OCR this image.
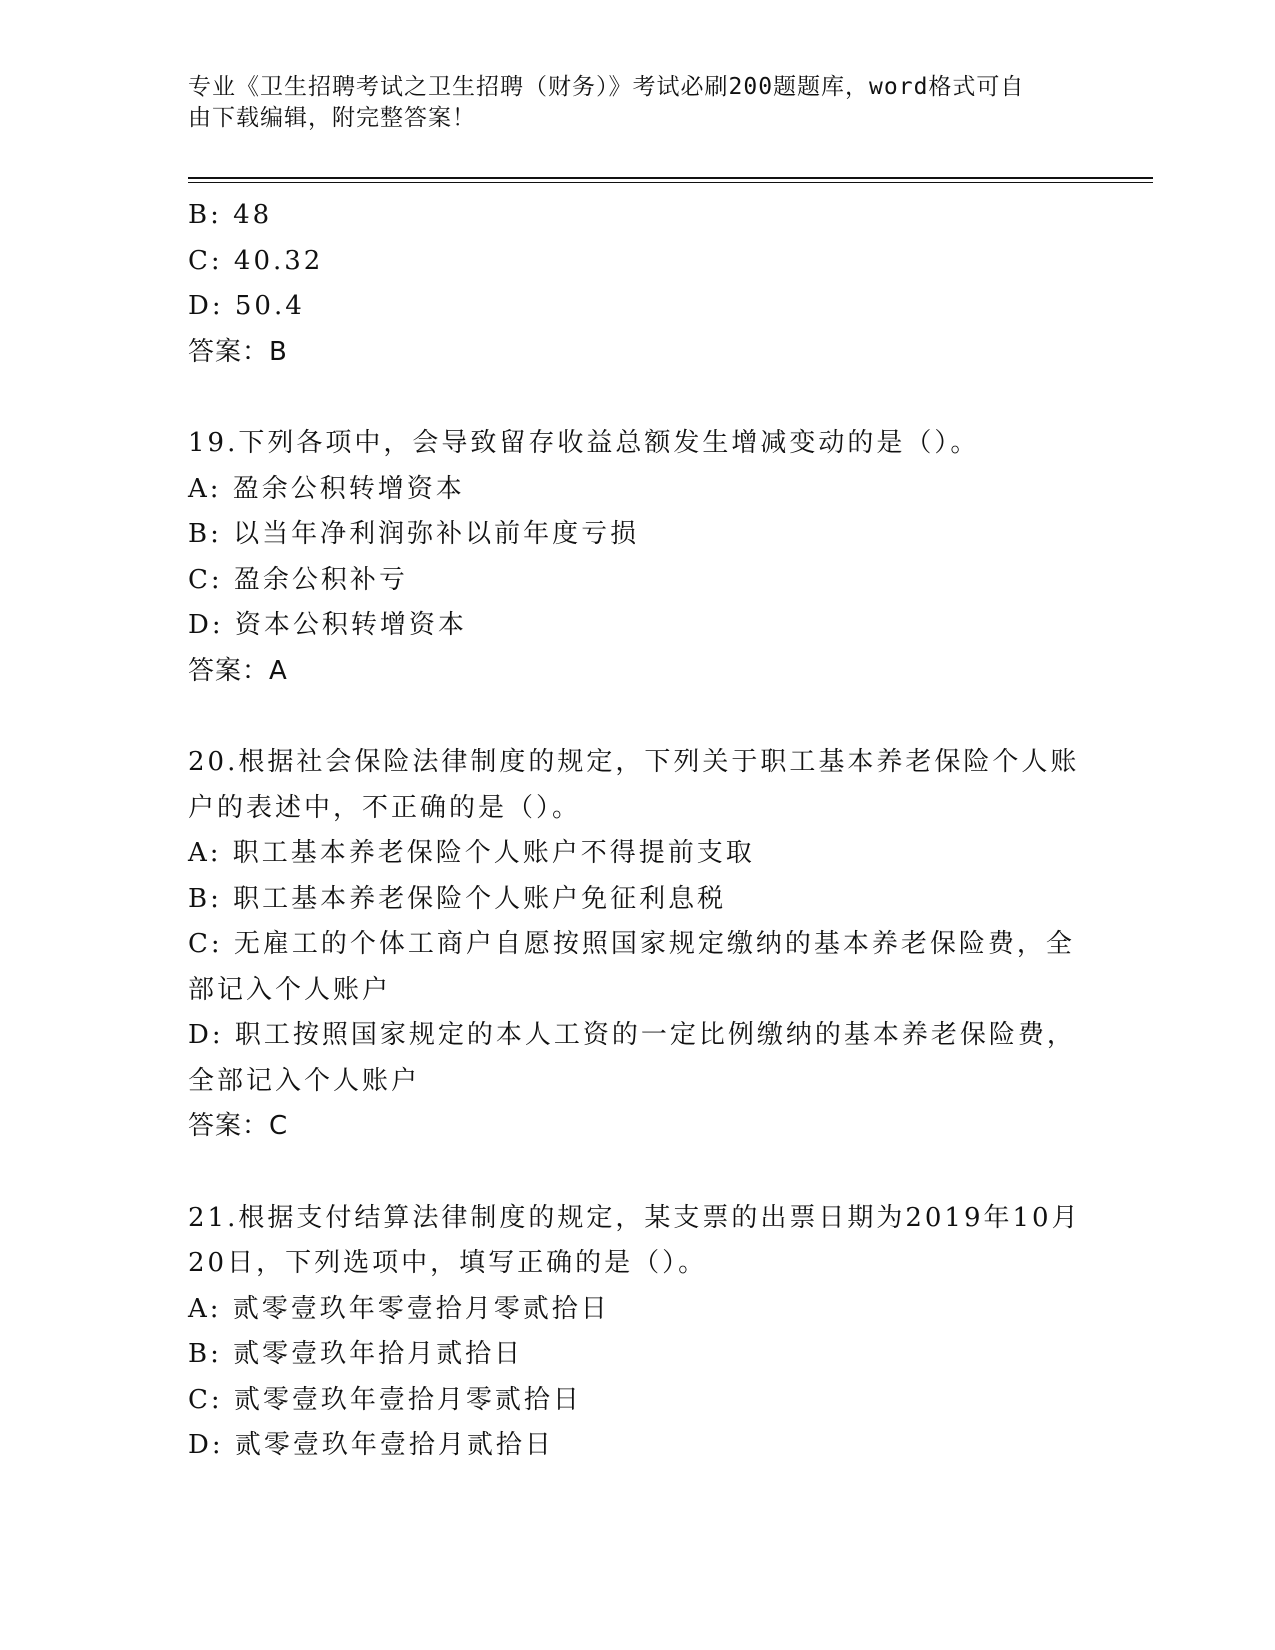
专业《卫生招聘考试之卫生招聘（财务）》考试必刷200题题库，word格式可自
由下载编辑，附完整答案！
B: 48
C: 40.32
D: 50.4
答案：B
19.下列各项中，会导致留存收益总额发生增减变动的是（）。
A: 盈余公积转增资本
B: 以当年净利润弥补以前年度亏损
C: 盈余公积补亏
D: 资本公积转增资本
答案：A
20.根据社会保险法律制度的规定，下列关于职工基本养老保险个人账
户的表述中，不正确的是（）。
A: 职工基本养老保险个人账户不得提前支取
B: 职工基本养老保险个人账户免征利息税
C: 无雇工的个体工商户自愿按照国家规定缴纳的基本养老保险费，全
部记入个人账户
D: 职工按照国家规定的本人工资的一定比例缴纳的基本养老保险费，
全部记入个人账户
答案：C
21.根据支付结算法律制度的规定，某支票的出票日期为2019年10月
20日，下列选项中，填写正确的是（）。
A: 贰零壹玖年零壹拾月零贰拾日
B: 贰零壹玖年拾月贰拾日
C: 贰零壹玖年壹拾月零贰拾日
D: 贰零壹玖年壹拾月贰拾日
